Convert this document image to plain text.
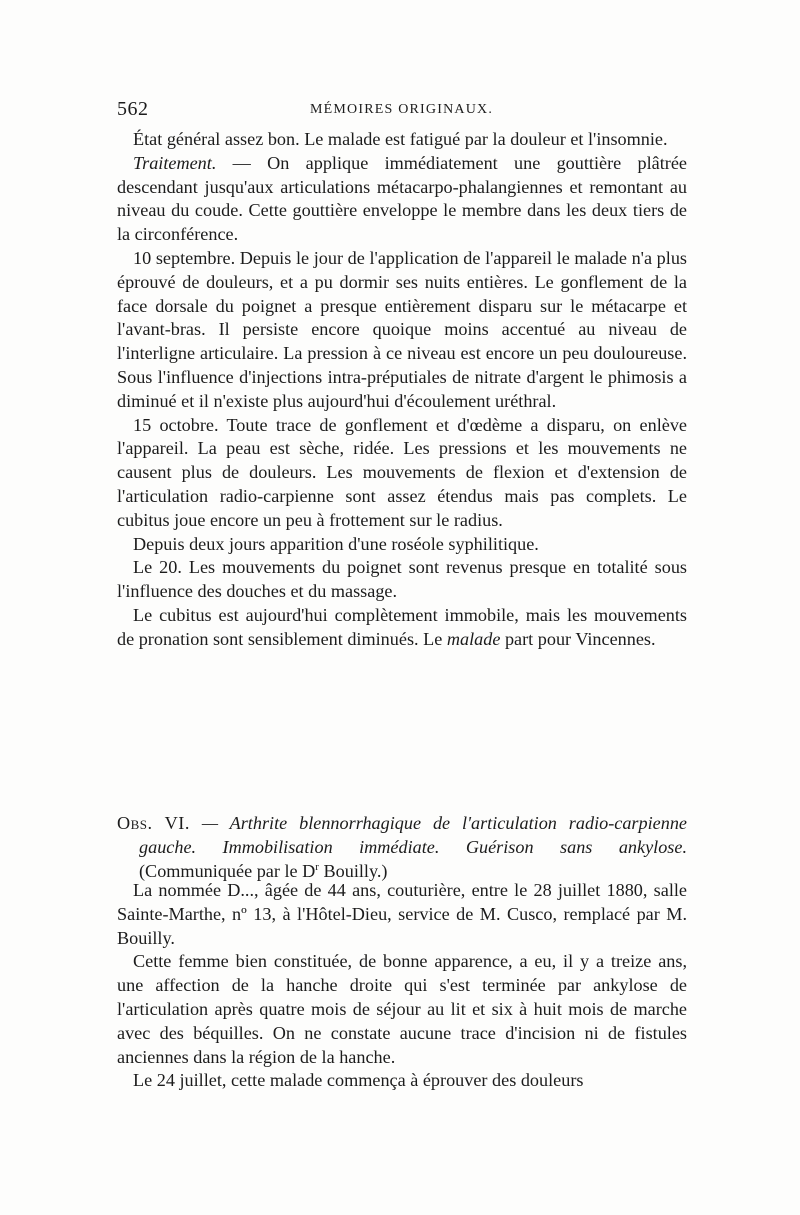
562	MÉMOIRES ORIGINAUX.

État général assez bon. Le malade est fatigué par la douleur et l'insomnie.

Traitement. — On applique immédiatement une gouttière plâtrée descendant jusqu'aux articulations métacarpo-phalangiennes et remontant au niveau du coude. Cette gouttière enveloppe le membre dans les deux tiers de la circonférence.

10 septembre. Depuis le jour de l'application de l'appareil le malade n'a plus éprouvé de douleurs, et a pu dormir ses nuits entières. Le gonflement de la face dorsale du poignet a presque entièrement disparu sur le métacarpe et l'avant-bras. Il persiste encore quoique moins accentué au niveau de l'interligne articulaire. La pression à ce niveau est encore un peu douloureuse. Sous l'influence d'injections intra-préputiales de nitrate d'argent le phimosis a diminué et il n'existe plus aujourd'hui d'écoulement uréthral.

15 octobre. Toute trace de gonflement et d'œdème a disparu, on enlève l'appareil. La peau est sèche, ridée. Les pressions et les mouvements ne causent plus de douleurs. Les mouvements de flexion et d'extension de l'articulation radio-carpienne sont assez étendus mais pas complets. Le cubitus joue encore un peu à frottement sur le radius.

Depuis deux jours apparition d'une roséole syphilitique.

Le 20. Les mouvements du poignet sont revenus presque en totalité sous l'influence des douches et du massage.

Le cubitus est aujourd'hui complètement immobile, mais les mouvements de pronation sont sensiblement diminués. Le malade part pour Vincennes.

Obs. VI. — Arthrite blennorrhagique de l'articulation radio-carpienne gauche. Immobilisation immédiate. Guérison sans ankylose. (Communiquée par le $D^r$ Bouilly.)

La nommée D..., âgée de 44 ans, couturière, entre le 28 juillet 1880, salle Sainte-Marthe, nº 13, à l'Hôtel-Dieu, service de M. Cusco, remplacé par M. Bouilly.

Cette femme bien constituée, de bonne apparence, a eu, il y a treize ans, une affection de la hanche droite qui s'est terminée par ankylose de l'articulation après quatre mois de séjour au lit et six à huit mois de marche avec des béquilles. On ne constate aucune trace d'incision ni de fistules anciennes dans la région de la hanche.

Le 24 juillet, cette malade commença à éprouver des douleurs
